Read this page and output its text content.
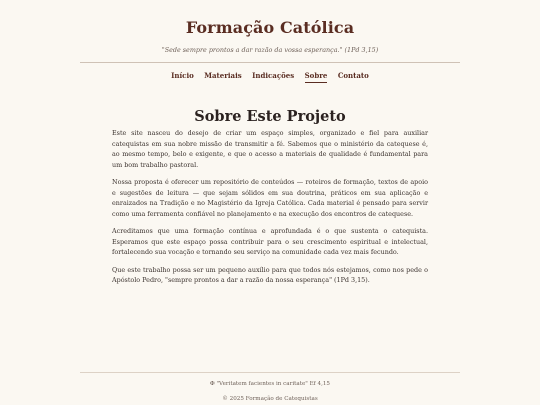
Formação Católica
"Sede sempre prontos a dar razão da vossa esperança." (1Pd 3,15)
Início Materiais Indicações Sobre Contato
Sobre Este Projeto

Este site nasceu do desejo de criar um espaço simples, organizado e fiel para auxiliar catequistas em sua nobre missão de transmitir a fé. Sabemos que o ministério da catequese é, ao mesmo tempo, belo e exigente, e que o acesso a materiais de qualidade é fundamental para um bom trabalho pastoral.

Nossa proposta é oferecer um repositório de conteúdos — roteiros de formação, textos de apoio e sugestões de leitura — que sejam sólidos em sua doutrina, práticos em sua aplicação e enraizados na Tradição e no Magistério da Igreja Católica. Cada material é pensado para servir como uma ferramenta confiável no planejamento e na execução dos encontros de catequese.

Acreditamos que uma formação contínua e aprofundada é o que sustenta o catequista. Esperamos que este espaço possa contribuir para o seu crescimento espiritual e intelectual, fortalecendo sua vocação e tornando seu serviço na comunidade cada vez mais fecundo.

Que este trabalho possa ser um pequeno auxílio para que todos nós estejamos, como nos pede o Apóstolo Pedro, "sempre prontos a dar a razão da nossa esperança" (1Pd 3,15).

✠ "Veritatem facientes in caritate" Ef 4,15
© 2025 Formação de Catequistas
